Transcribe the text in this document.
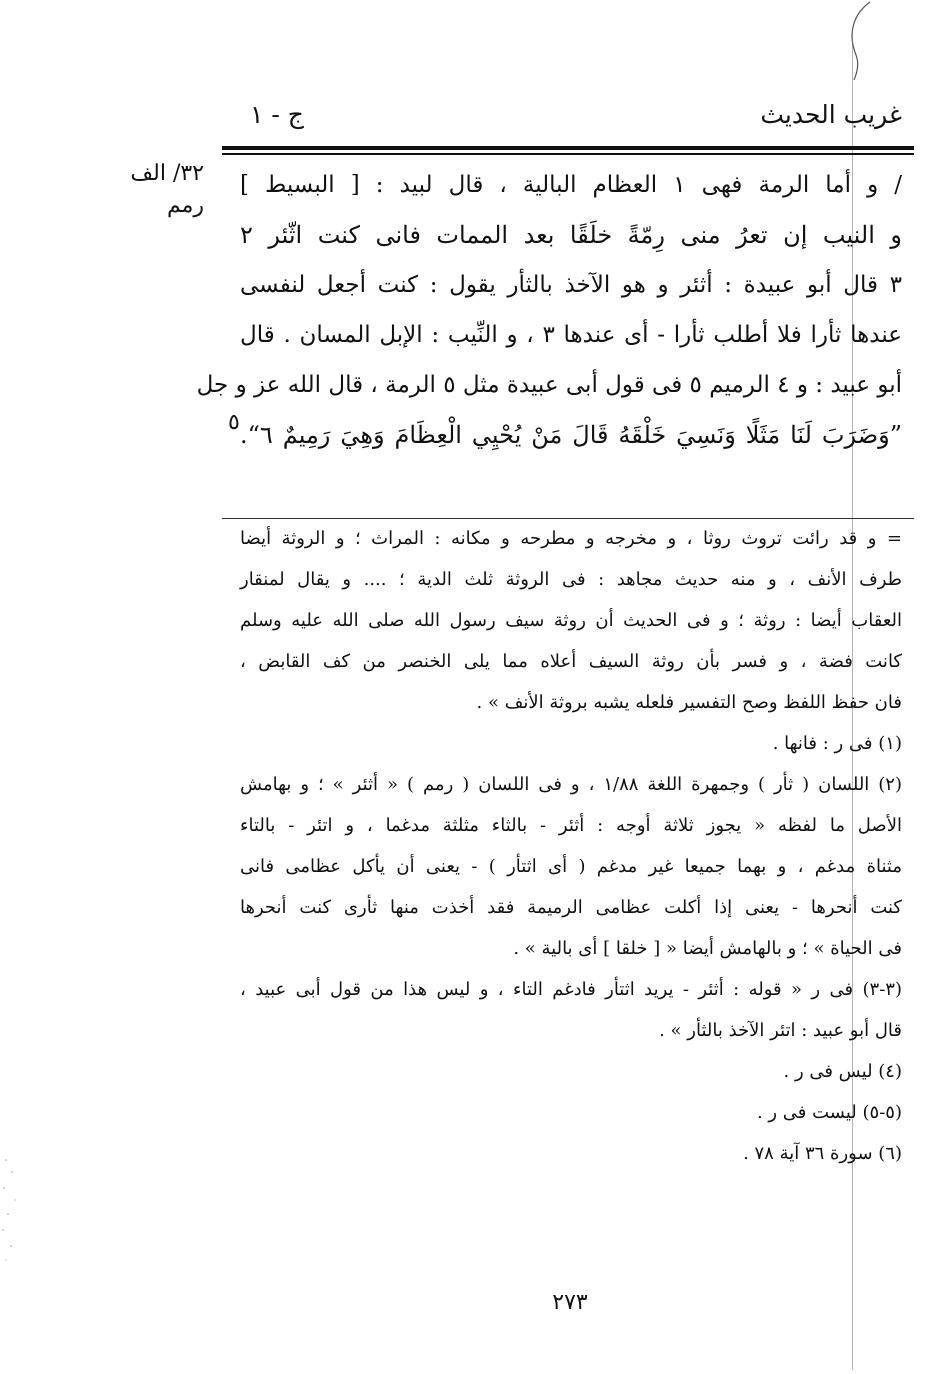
غريب الحديث
ج - ١
٣٢/ الف
رمم
/ و أما الرمة فهى ١ العظام البالية ، قال لبيد : [ البسيط ]
و النيب إن تعرُ منى رِمّةً خلَقًا بعد الممات فانى كنت اثّئر ٢
٣ قال أبو عبيدة : أثئر و هو الآخذ بالثأر يقول : كنت أجعل لنفسى
عندها ثأرا فلا أطلب ثأرا - أى عندها ٣ ، و النِّيب : الإبل المسان . قال
أبو عبيد : و ٤ الرميم ٥ فى قول أبى عبيدة مثل ٥ الرمة ، قال الله عز و جل
”وَضَرَبَ لَنَا مَثَلًا وَنَسِيَ خَلْقَهُ قَالَ مَنْ يُحْيِي الْعِظَامَ وَهِيَ رَمِيمٌ ٦“.
٥
= و قد رائت تروث روثا ، و مخرجه و مطرحه و مكانه : المراث ؛ و الروثة أيضا
طرف الأنف ، و منه حديث مجاهد : فى الروثة ثلث الدية ؛ .... و يقال لمنقار
العقاب أيضا : روثة ؛ و فى الحديث أن روثة سيف رسول الله صلى الله عليه وسلم
كانت فضة ، و فسر بأن روثة السيف أعلاه مما يلى الخنصر من كف القابض ،
فان حفظ اللفظ وصح التفسير فلعله يشبه بروثة الأنف » .
(١) فى ر : فانها .
(٢) اللسان ( ثأر ) وجمهرة اللغة ١/٨٨ ، و فى اللسان ( رمم ) « أثئر » ؛ و بهامش
الأصل ما لفظه « يجوز ثلاثة أوجه : أثئر - بالثاء مثلثة مدغما ، و اتئر - بالتاء
مثناة مدغم ، و بهما جميعا غير مدغم ( أى اثتأر ) - يعنى أن يأكل عظامى فانى
كنت أنحرها - يعنى إذا أكلت عظامى الرميمة فقد أخذت منها ثأرى كنت أنحرها
فى الحياة » ؛ و بالهامش أيضا « [ خلقا ] أى بالية » .
(٣-٣) فى ر « قوله : أثئر - يريد اثتأر فادغم التاء ، و ليس هذا من قول أبى عبيد ،
قال أبو عبيد : اتئر الآخذ بالثأر » .
(٤) ليس فى ر .
(٥-٥) ليست فى ر .
(٦) سورة ٣٦ آية ٧٨ .
٢٧٣
